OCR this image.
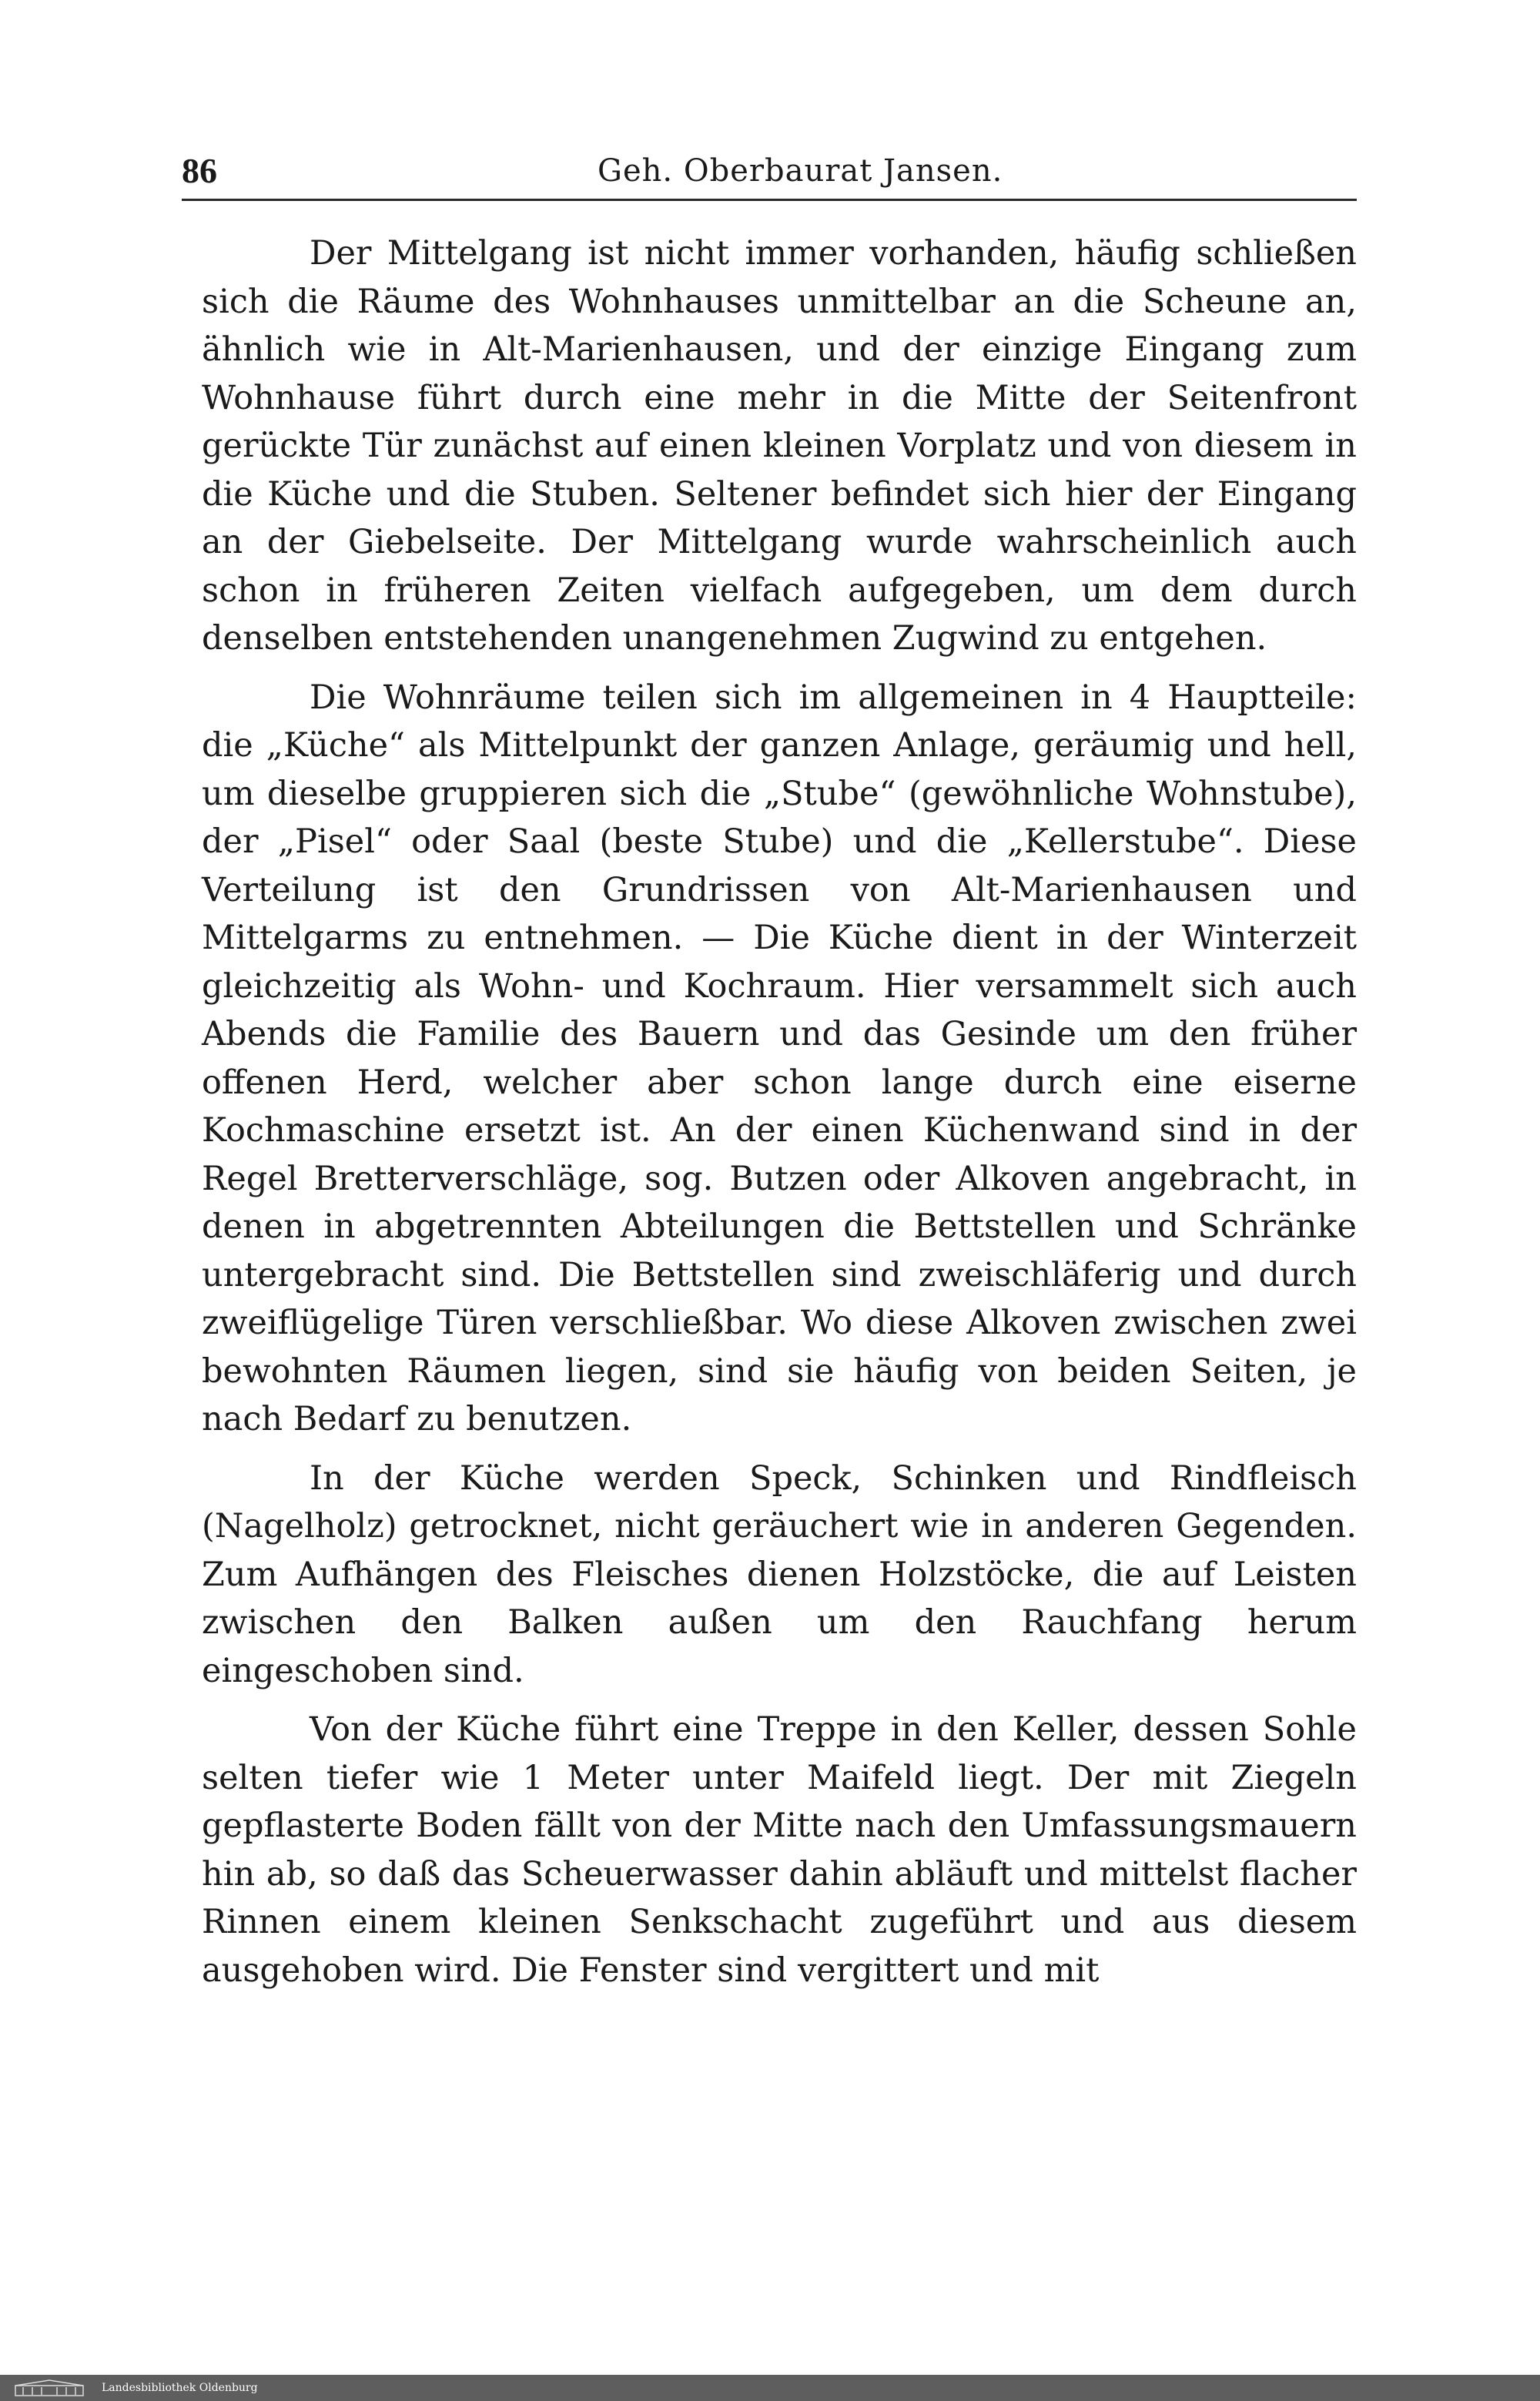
86	Geh. Oberbaurat Jansen.

Der Mittelgang ist nicht immer vorhanden, häufig schließen sich die Räume des Wohnhauses unmittelbar an die Scheune an, ähnlich wie in Alt-Marienhausen, und der einzige Eingang zum Wohnhause führt durch eine mehr in die Mitte der Seitenfront gerückte Tür zunächst auf einen kleinen Vorplatz und von diesem in die Küche und die Stuben. Seltener befindet sich hier der Eingang an der Giebelseite. Der Mittelgang wurde wahrscheinlich auch schon in früheren Zeiten vielfach aufgegeben, um dem durch denselben entstehenden unangenehmen Zugwind zu entgehen.

Die Wohnräume teilen sich im allgemeinen in 4 Hauptteile: die „Küche“ als Mittelpunkt der ganzen Anlage, geräumig und hell, um dieselbe gruppieren sich die „Stube“ (gewöhnliche Wohnstube), der „Pisel“ oder Saal (beste Stube) und die „Kellerstube“. Diese Verteilung ist den Grundrissen von Alt-Marienhausen und Mittelgarms zu entnehmen. — Die Küche dient in der Winterzeit gleichzeitig als Wohn- und Kochraum. Hier versammelt sich auch Abends die Familie des Bauern und das Gesinde um den früher offenen Herd, welcher aber schon lange durch eine eiserne Kochmaschine ersetzt ist. An der einen Küchenwand sind in der Regel Bretterverschläge, sog. Butzen oder Alkoven angebracht, in denen in abgetrennten Abteilungen die Bettstellen und Schränke untergebracht sind. Die Bettstellen sind zweischläferig und durch zweiflügelige Türen verschließbar. Wo diese Alkoven zwischen zwei bewohnten Räumen liegen, sind sie häufig von beiden Seiten, je nach Bedarf zu benutzen.

In der Küche werden Speck, Schinken und Rindfleisch (Nagelholz) getrocknet, nicht geräuchert wie in anderen Gegenden. Zum Aufhängen des Fleisches dienen Holzstöcke, die auf Leisten zwischen den Balken außen um den Rauchfang herum eingeschoben sind.

Von der Küche führt eine Treppe in den Keller, dessen Sohle selten tiefer wie 1 Meter unter Maifeld liegt. Der mit Ziegeln gepflasterte Boden fällt von der Mitte nach den Umfassungsmauern hin ab, so daß das Scheuerwasser dahin abläuft und mittelst flacher Rinnen einem kleinen Senkschacht zugeführt und aus diesem ausgehoben wird. Die Fenster sind vergittert und mit

Landesbibliothek Oldenburg
